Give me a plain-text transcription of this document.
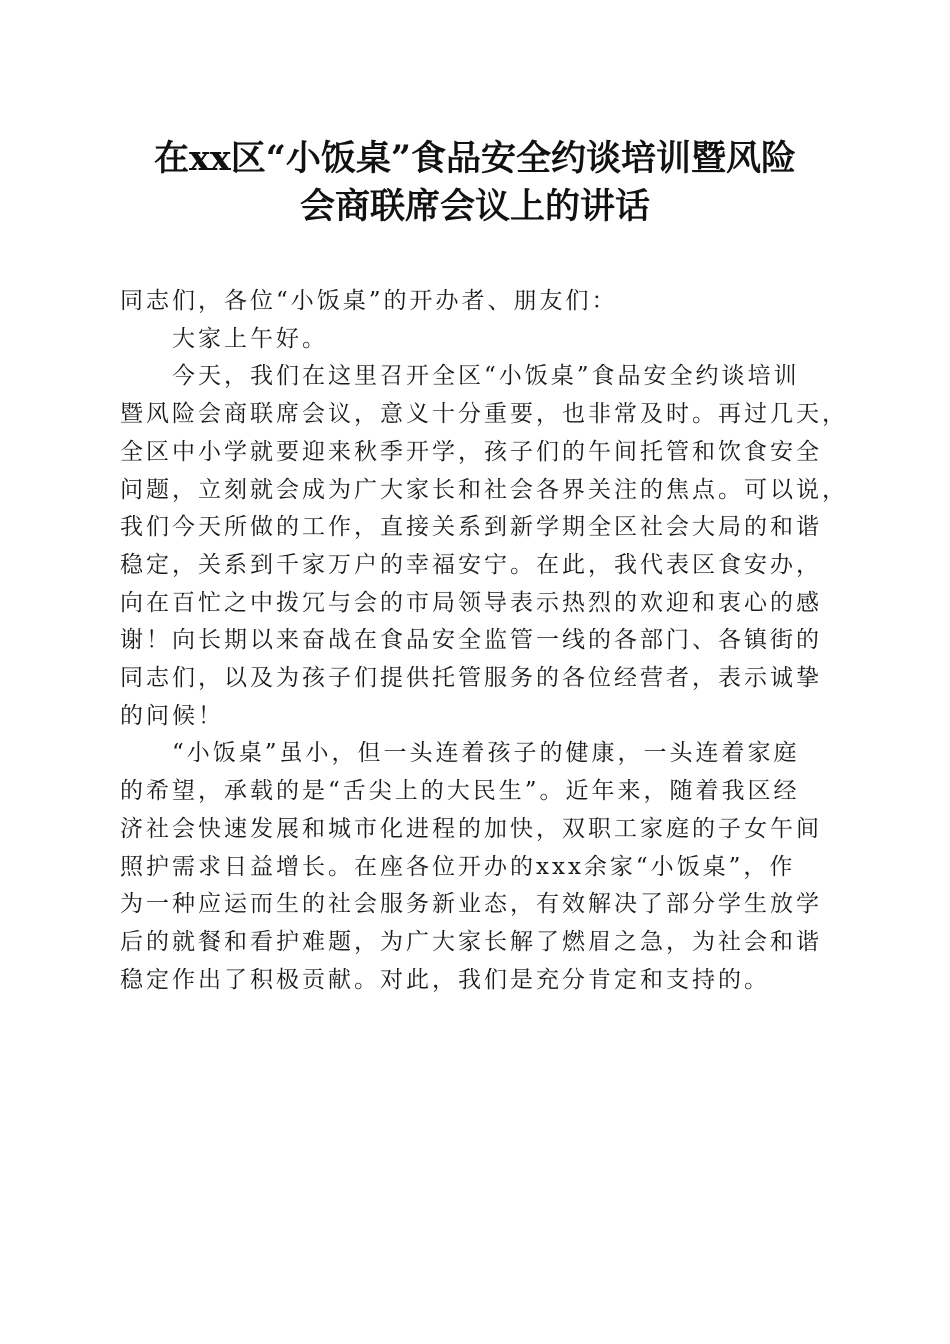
在xx区“小饭桌”食品安全约谈培训暨风险
会商联席会议上的讲话
同志们，各位“小饭桌”的开办者、朋友们：
大家上午好。
今天，我们在这里召开全区“小饭桌”食品安全约谈培训
暨风险会商联席会议，意义十分重要，也非常及时。再过几天，
全区中小学就要迎来秋季开学，孩子们的午间托管和饮食安全
问题，立刻就会成为广大家长和社会各界关注的焦点。可以说，
我们今天所做的工作，直接关系到新学期全区社会大局的和谐
稳定，关系到千家万户的幸福安宁。在此，我代表区食安办，
向在百忙之中拨冗与会的市局领导表示热烈的欢迎和衷心的感
谢！向长期以来奋战在食品安全监管一线的各部门、各镇街的
同志们，以及为孩子们提供托管服务的各位经营者，表示诚挚
的问候！
“小饭桌”虽小，但一头连着孩子的健康，一头连着家庭
的希望，承载的是“舌尖上的大民生”。近年来，随着我区经
济社会快速发展和城市化进程的加快，双职工家庭的子女午间
照护需求日益增长。在座各位开办的xxx余家“小饭桌”，作
为一种应运而生的社会服务新业态，有效解决了部分学生放学
后的就餐和看护难题，为广大家长解了燃眉之急，为社会和谐
稳定作出了积极贡献。对此，我们是充分肯定和支持的。
